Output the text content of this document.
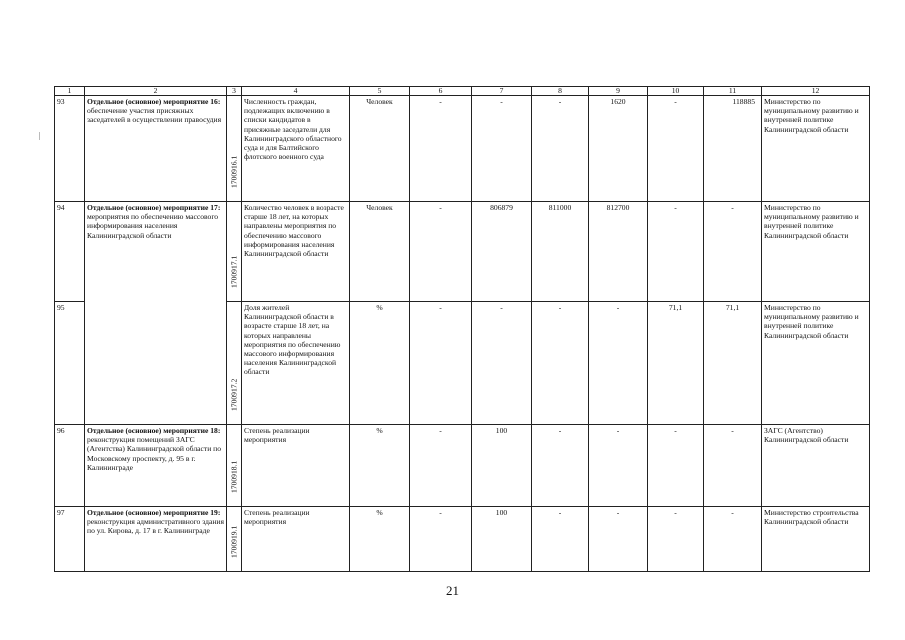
1	2	3	4	5	6	7	8	9	10	11	12
93	Отдельное (основное) мероприятие 16: обеспечение участия присяжных заседателей в осуществлении правосудия	1700916.1	Численность граждан, подлежащих включению в списки кандидатов в присяжные заседатели для Калининградского областного суда и для Балтийского флотского военного суда	Человек	-	-	-	1620	-	118885	Министерство по муниципальному развитию и внутренней политике Калининградской области
94	Отдельное (основное) мероприятие 17: мероприятия по обеспечению массового информирования населения Калининградской области	1700917.1	Количество человек в возрасте старше 18 лет, на которых направлены мероприятия по обеспечению массового информирования населения Калининградской области	Человек	-	806879	811000	812700	-	-	Министерство по муниципальному развитию и внутренней политике Калининградской области
95		1700917.2	Доля жителей Калининградской области в возрасте старше 18 лет, на которых направлены мероприятия по обеспечению массового информирования населения Калининградской области	%	-	-	-	-	71,1	71,1	Министерство по муниципальному развитию и внутренней политике Калининградской области
96	Отдельное (основное) мероприятие 18: реконструкция помещений ЗАГС (Агентства) Калининградской области по Московскому проспекту, д. 95 в г. Калининграде	1700918.1	Степень реализации мероприятия	%	-	100	-	-	-	-	ЗАГС (Агентство) Калининградской области
97	Отдельное (основное) мероприятие 19: реконструкция административного здания по ул. Кирова, д. 17 в г. Калининграде	1700919.1	Степень реализации мероприятия	%	-	100	-	-	-	-	Министерство строительства Калининградской области
21
